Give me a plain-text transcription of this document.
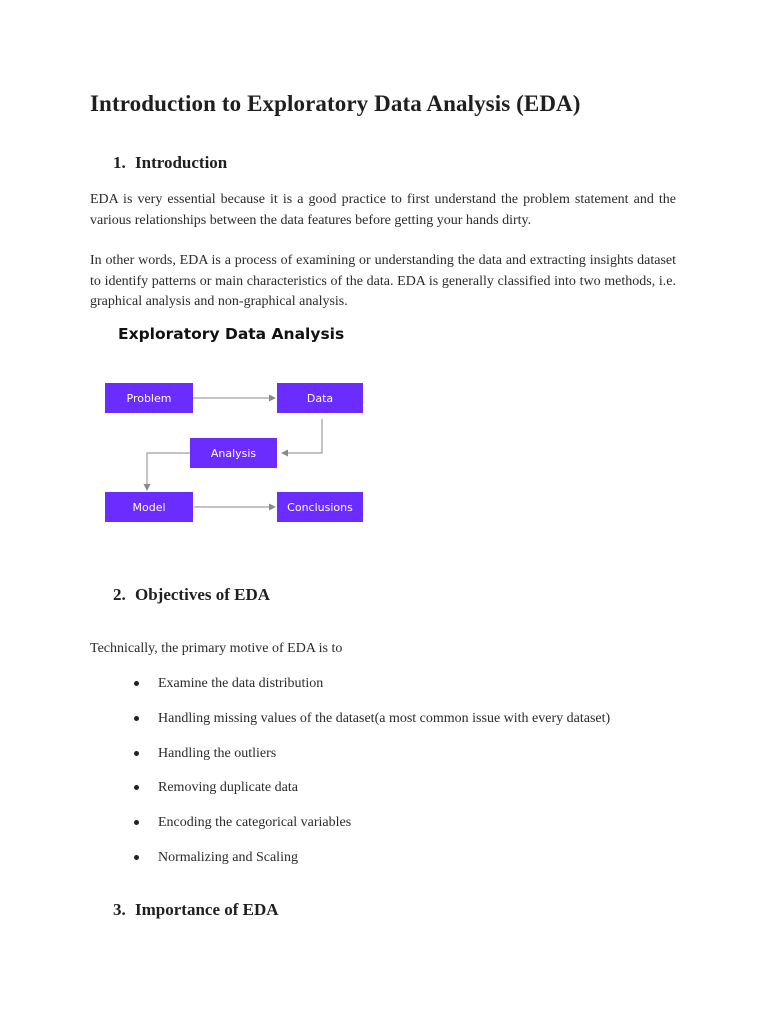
Introduction to Exploratory Data Analysis (EDA)
1. Introduction

EDA is very essential because it is a good practice to first understand the problem statement and the various relationships between the data features before getting your hands dirty.

In other words, EDA is a process of examining or understanding the data and extracting insights dataset to identify patterns or main characteristics of the data. EDA is generally classified into two methods, i.e. graphical analysis and non-graphical analysis.

Exploratory Data Analysis
Problem	Data
Analysis
Model	Conclusions
2. Objectives of EDA

Technically, the primary motive of EDA is to

Examine the data distribution
Handling missing values of the dataset(a most common issue with every dataset)
Handling the outliers
Removing duplicate data
Encoding the categorical variables
Normalizing and Scaling
3. Importance of EDA
